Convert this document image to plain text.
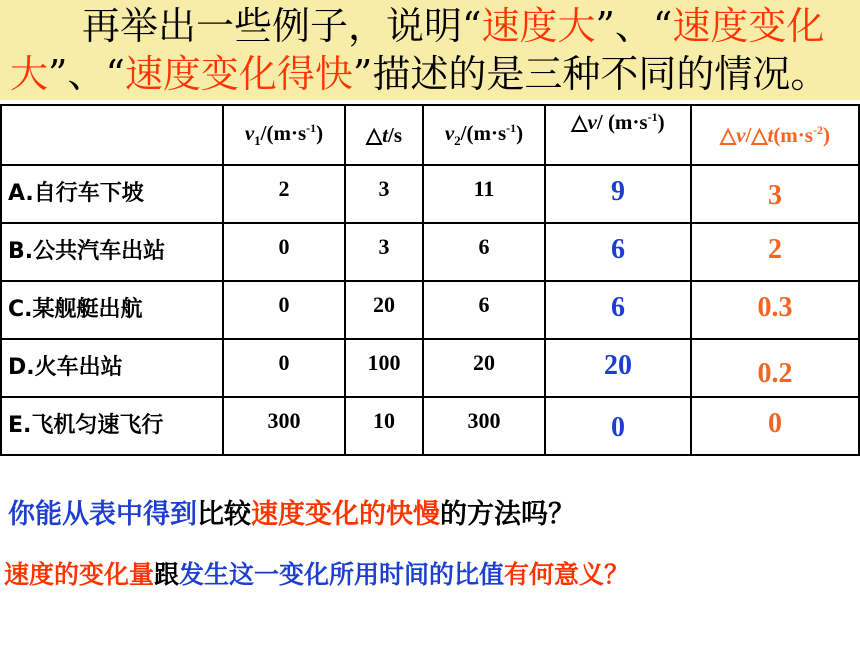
再举出一些例子，说明“速度大”、“速度变化大”、“速度变化得快”描述的是三种不同的情况。

	$v_1/(m\cdot s^{-1})$	△t/s	$v_2/(m\cdot s^{-1})$	△v/ $(m\cdot s^{-1})$	$\triangle v/\triangle t(m\cdot s^{-2})$
A.自行车下坡	2	3	11	9	3
B.公共汽车出站	0	3	6	6	2
C.某舰艇出航	0	20	6	6	0.3
D.火车出站	0	100	20	20	0.2
E.飞机匀速飞行	300	10	300	0	0
你能从表中得到比较速度变化的快慢的方法吗？
速度的变化量跟发生这一变化所用时间的比值有何意义？
